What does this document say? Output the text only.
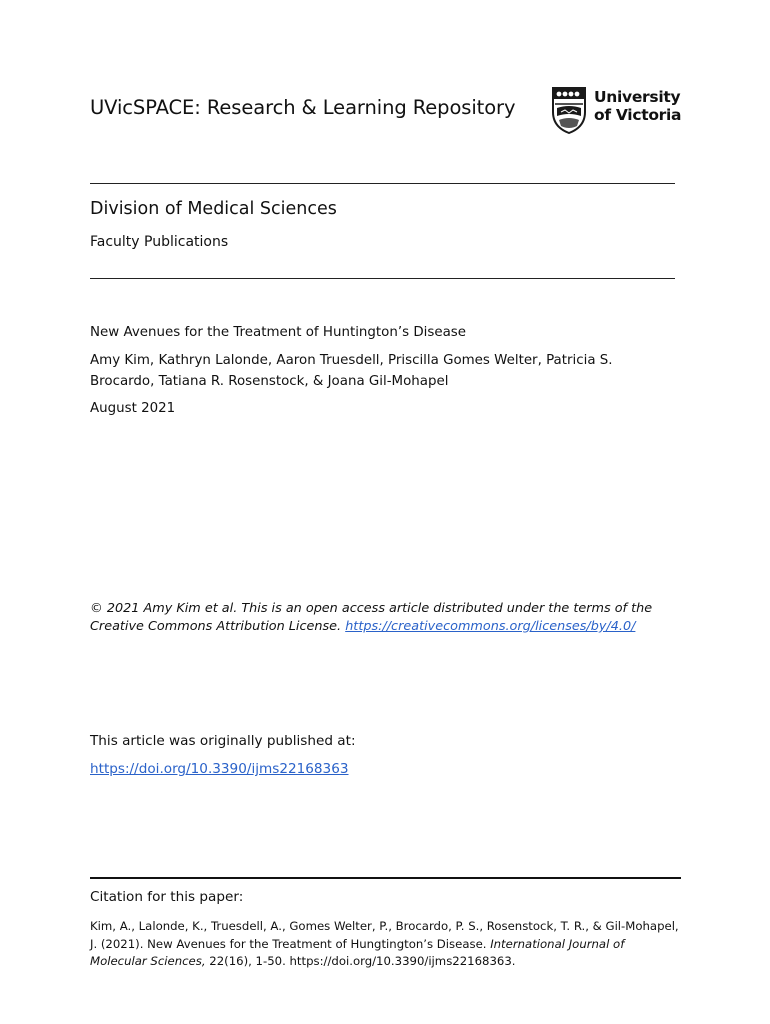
UVicSPACE: Research & Learning Repository	University
of Victoria
Division of Medical Sciences
Faculty Publications
New Avenues for the Treatment of Huntington’s Disease
Amy Kim, Kathryn Lalonde, Aaron Truesdell, Priscilla Gomes Welter, Patricia S. Brocardo, Tatiana R. Rosenstock, & Joana Gil-Mohapel
August 2021
© 2021 Amy Kim et al. This is an open access article distributed under the terms of the Creative Commons Attribution License. https://creativecommons.org/licenses/by/4.0/
This article was originally published at:
https://doi.org/10.3390/ijms22168363
Citation for this paper:
Kim, A., Lalonde, K., Truesdell, A., Gomes Welter, P., Brocardo, P. S., Rosenstock, T. R., & Gil-Mohapel, J. (2021). New Avenues for the Treatment of Hungtington’s Disease. International Journal of Molecular Sciences, 22(16), 1-50. https://doi.org/10.3390/ijms22168363.
